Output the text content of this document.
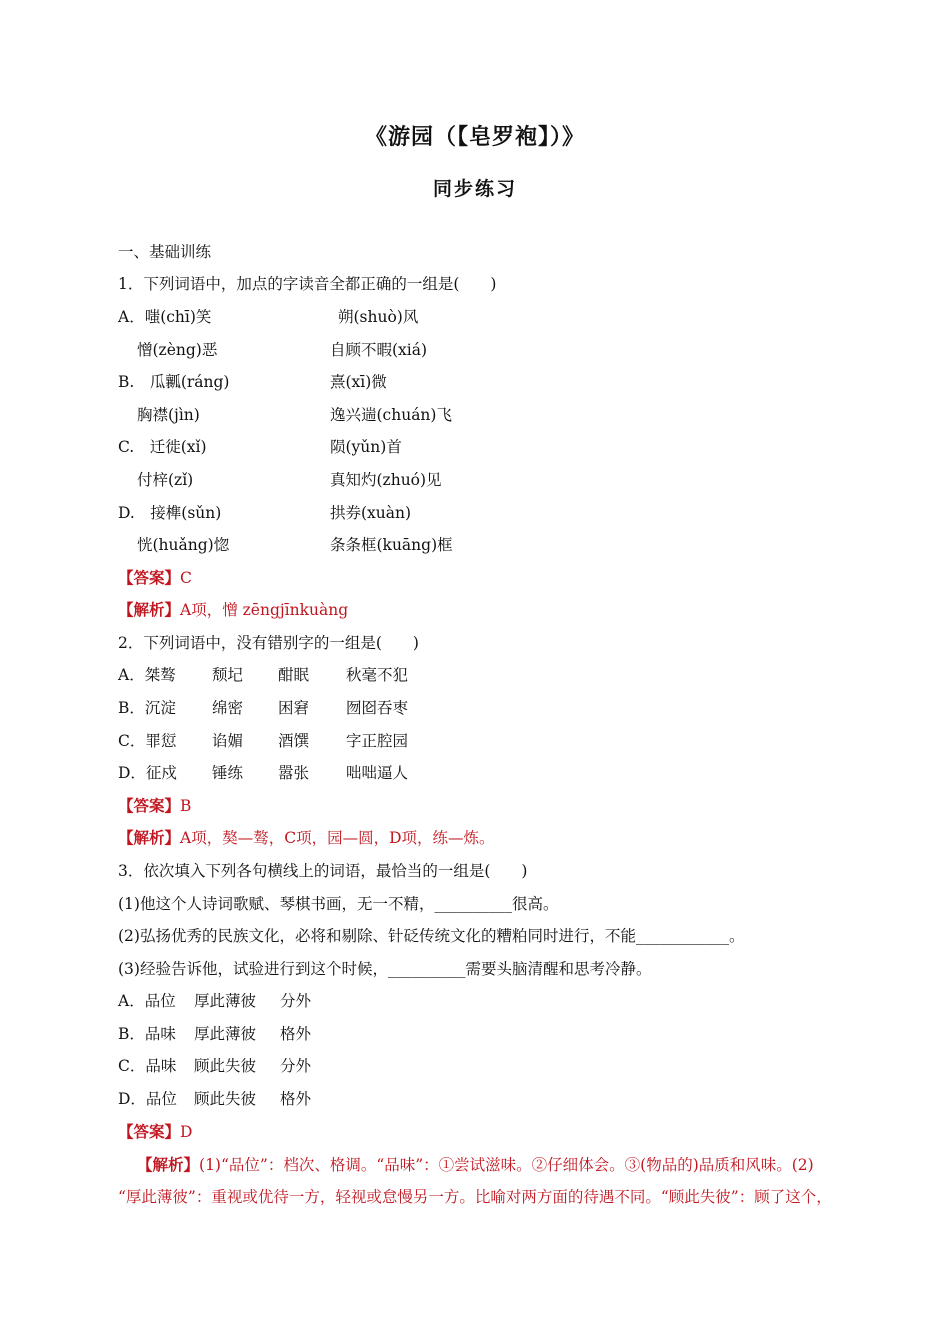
《游园（【皂罗袍】）》
同步练习
一、基础训练
1．下列词语中，加点的字读音全都正确的一组是(　　)
A．嗤(chī)笑	朔(shuò)风
憎(zèng)恶	自顾不暇(xiá)
B.　瓜瓤(ráng)	熹(xī)微
胸襟(jìn)	逸兴遄(chuán)飞
C.　迁徙(xǐ)	陨(yǔn)首
付梓(zǐ)	真知灼(zhuó)见
D.　接榫(sǔn)	拱券(xuàn)
恍(huǎng)惚	条条框(kuāng)框
【答案】C
【解析】A项，憎 zēngjīnkuàng
2．下列词语中，没有错别字的一组是(　　)
A．桀骜 颓圮 酣眠 秋毫不犯
B．沉淀 绵密 困窘 囫囵吞枣
C．罪愆 谄媚 酒馔 字正腔园
D．征戍 锤练 嚣张 咄咄逼人
【答案】B
【解析】A项，獒—骜，C项，园—圆，D项，练—炼。
3．依次填入下列各句横线上的词语，最恰当的一组是(　　)
(1)他这个人诗词歌赋、琴棋书画，无一不精，__________很高。
(2)弘扬优秀的民族文化，必将和剔除、针砭传统文化的糟粕同时进行，不能____________。
(3)经验告诉他，试验进行到这个时候，__________需要头脑清醒和思考冷静。
A．品位 厚此薄彼 分外
B．品味 厚此薄彼 格外
C．品味 顾此失彼 分外
D．品位 顾此失彼 格外
【答案】D
【解析】(1)“品位”：档次、格调。“品味”：①尝试滋味。②仔细体会。③(物品的)品质和风味。(2)
“厚此薄彼”：重视或优待一方，轻视或怠慢另一方。比喻对两方面的待遇不同。“顾此失彼”：顾了这个，
